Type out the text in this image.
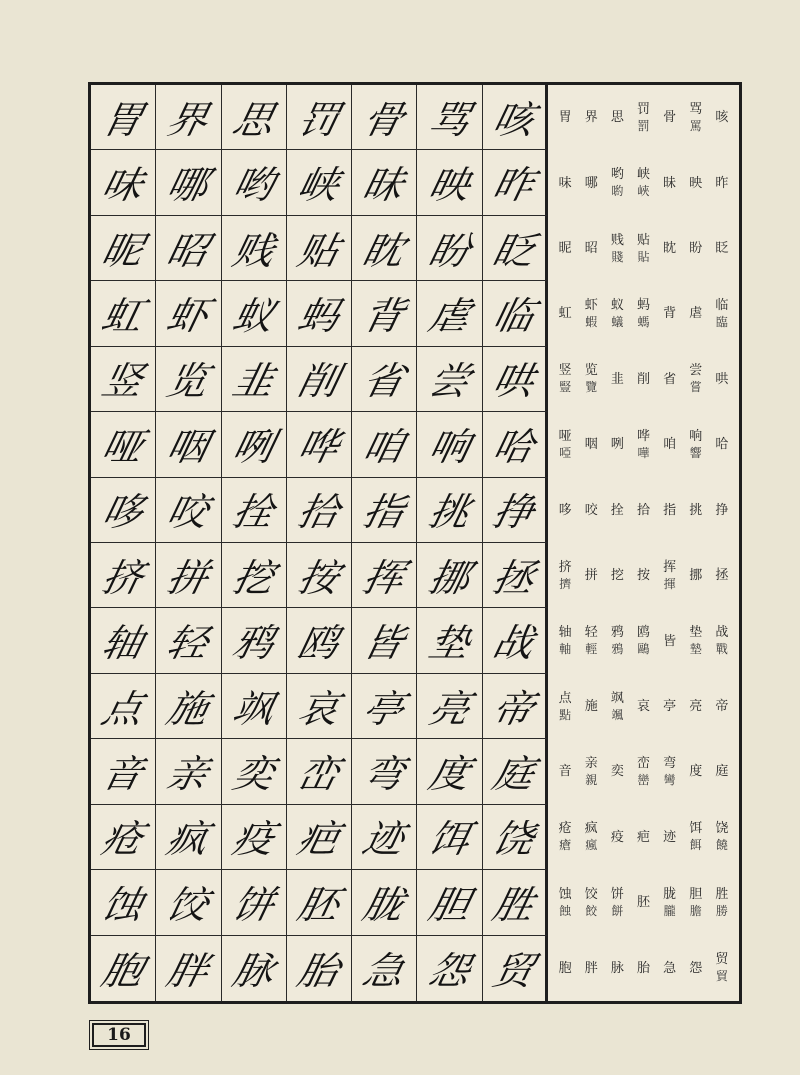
胃 界 思 罚 骨 骂 咳
味 哪 哟 峡 昧 映 昨
昵 昭 贱 贴 眈 盼 眨
虹 虾 蚁 蚂 背 虐 临
竖 览 韭 削 省 尝 哄
哑 咽 咧 哗 咱 响 哈
哆 咬 拴 拾 指 挑 挣
挤 拼 挖 按 挥 挪 拯
轴 轻 鸦 鸥 皆 垫 战
点 施 飒 哀 亭 亮 帝
音 亲 奕 峦 弯 度 庭
疮 疯 疫 疤 迹 饵 饶
蚀 饺 饼 胚 胧 胆 胜
胞 胖 脉 胎 急 怨 贸
胃 界 思
罚
罰
骨
骂
罵
咳
味 哪
哟
喲
峡
峽
昧 映 昨
昵 昭
贱
賤
贴
貼
眈 盼 眨
虹
虾
蝦
蚁
蟻
蚂
螞
背 虐
临
臨
竖
豎
览
覽
韭 削 省
尝
嘗
哄
哑
啞
咽 咧
哗
嘩
咱
响
響
哈
哆 咬 拴 拾 指 挑 挣
挤
擠
拼 挖 按
挥
揮
挪 拯
轴
軸
轻
輕
鸦
鴉
鸥
鷗
皆
垫
墊
战
戰
点
點
施
飒
颯
哀 亭 亮 帝
音
亲
親
奕
峦
巒
弯
彎
度 庭
疮
瘡
疯
瘋
疫 疤 迹
饵
餌
饶
饒
蚀
蝕
饺
餃
饼
餅
胚
胧
朧
胆
膽
胜
勝
胞 胖 脉 胎 急 怨
贸
貿
16
